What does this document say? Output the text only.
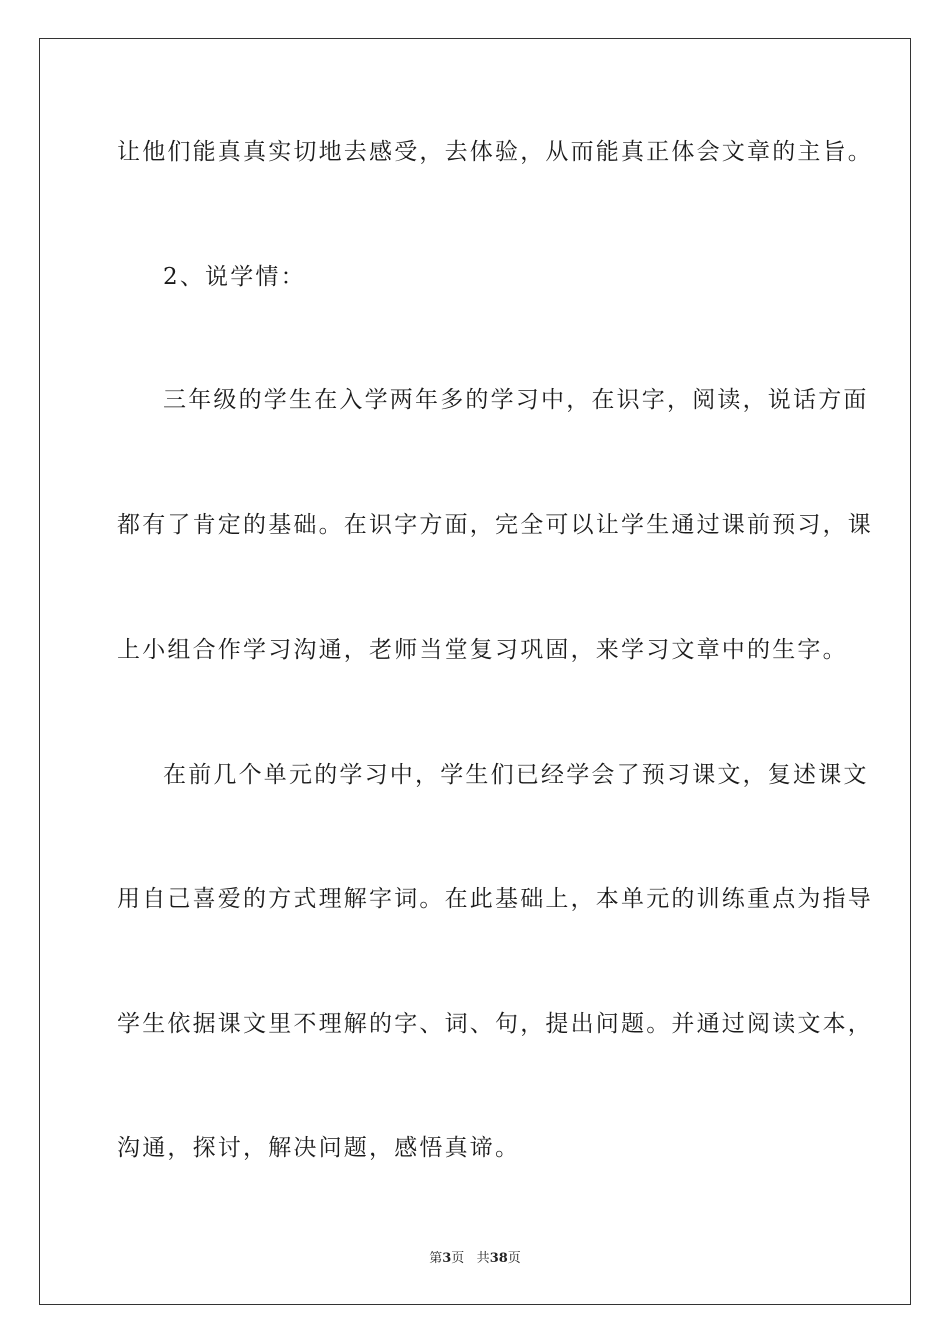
让他们能真真实切地去感受，去体验，从而能真正体会文章的主旨。
2、说学情：
三年级的学生在入学两年多的学习中，在识字，阅读，说话方面
都有了肯定的基础。在识字方面，完全可以让学生通过课前预习，课
上小组合作学习沟通，老师当堂复习巩固，来学习文章中的生字。
在前几个单元的学习中，学生们已经学会了预习课文，复述课文
用自己喜爱的方式理解字词。在此基础上，本单元的训练重点为指导
学生依据课文里不理解的字、词、句，提出问题。并通过阅读文本，
沟通，探讨，解决问题，感悟真谛。
第3页 共38页
